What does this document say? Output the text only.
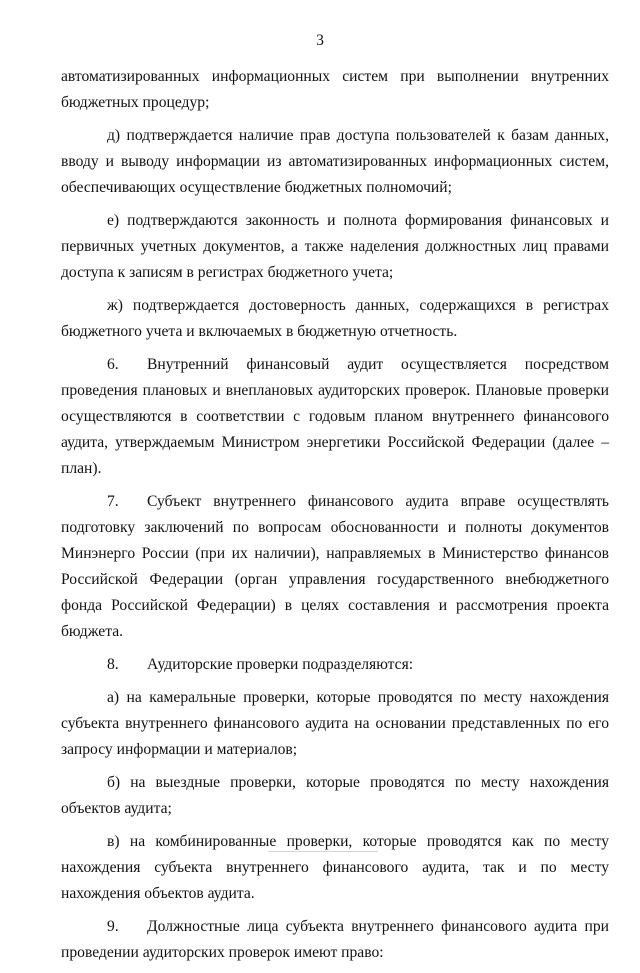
3

автоматизированных информационных систем при выполнении внутренних бюджетных процедур;

д) подтверждается наличие прав доступа пользователей к базам данных, вводу и выводу информации из автоматизированных информационных систем, обеспечивающих осуществление бюджетных полномочий;

е) подтверждаются законность и полнота формирования финансовых и первичных учетных документов, а также наделения должностных лиц правами доступа к записям в регистрах бюджетного учета;

ж) подтверждается достоверность данных, содержащихся в регистрах бюджетного учета и включаемых в бюджетную отчетность.

6. Внутренний финансовый аудит осуществляется посредством проведения плановых и внеплановых аудиторских проверок. Плановые проверки осуществляются в соответствии с годовым планом внутреннего финансового аудита, утверждаемым Министром энергетики Российской Федерации (далее – план).

7. Субъект внутреннего финансового аудита вправе осуществлять подготовку заключений по вопросам обоснованности и полноты документов Минэнерго России (при их наличии), направляемых в Министерство финансов Российской Федерации (орган управления государственного внебюджетного фонда Российской Федерации) в целях составления и рассмотрения проекта бюджета.

8. Аудиторские проверки подразделяются:

а) на камеральные проверки, которые проводятся по месту нахождения субъекта внутреннего финансового аудита на основании представленных по его запросу информации и материалов;

б) на выездные проверки, которые проводятся по месту нахождения объектов аудита;

в) на комбинированные проверки, которые проводятся как по месту нахождения субъекта внутреннего финансового аудита, так и по месту нахождения объектов аудита.

9. Должностные лица субъекта внутреннего финансового аудита при проведении аудиторских проверок имеют право:
